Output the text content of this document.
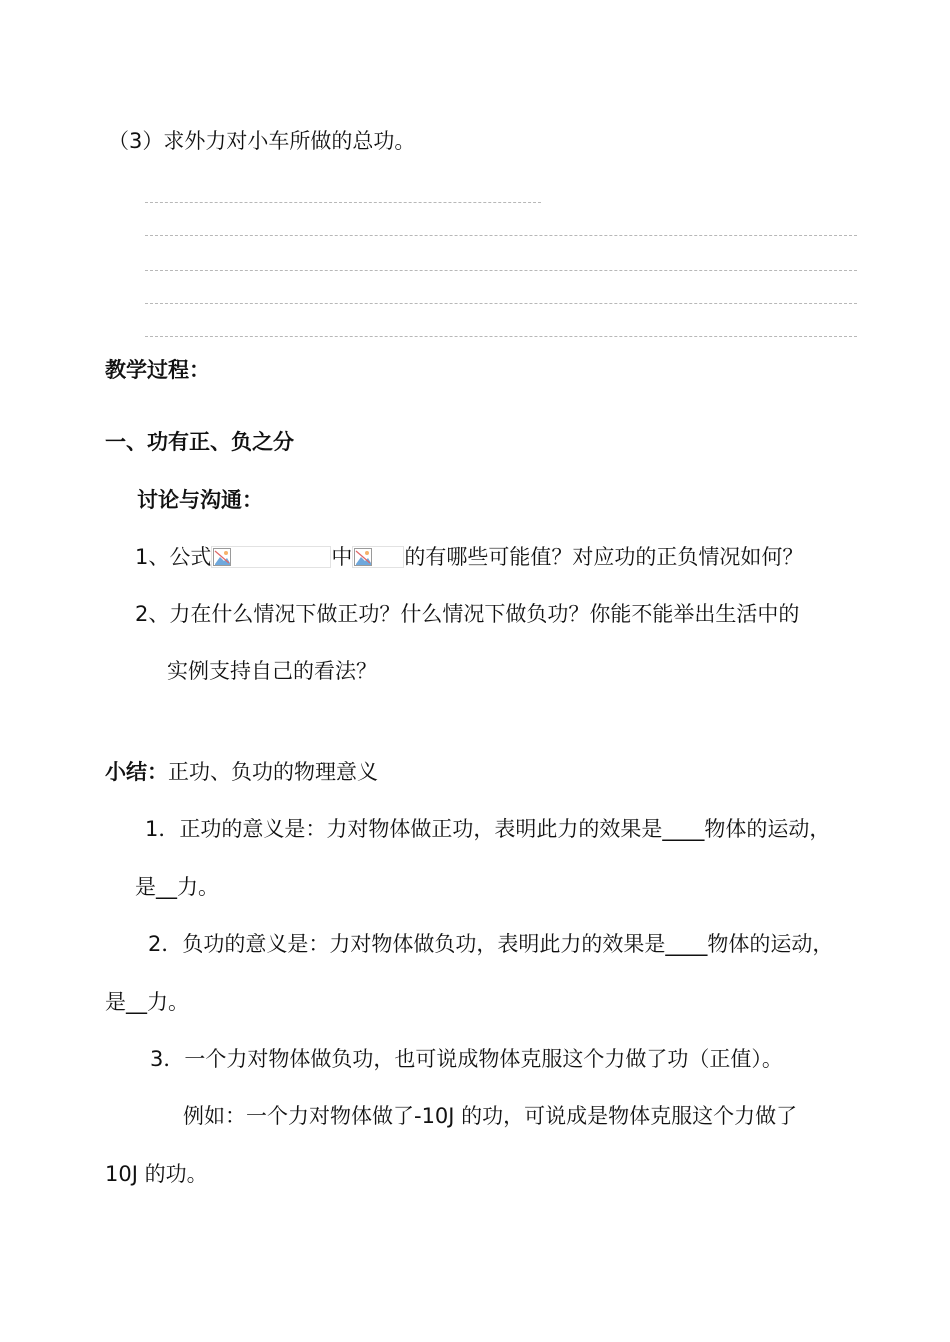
（3）求外力对小车所做的总功。
教学过程：
一、功有正、负之分
讨论与沟通：
1、公式	中 的有哪些可能值？对应功的正负情况如何？
2、力在什么情况下做正功？什么情况下做负功？你能不能举出生活中的
实例支持自己的看法？
小结：正功、负功的物理意义
1．正功的意义是：力对物体做正功，表明此力的效果是____物体的运动，
是__力。
2．负功的意义是：力对物体做负功，表明此力的效果是____物体的运动，
是__力。
3．一个力对物体做负功，也可说成物体克服这个力做了功（正值）。
例如：一个力对物体做了-10J 的功，可说成是物体克服这个力做了
10J 的功。
